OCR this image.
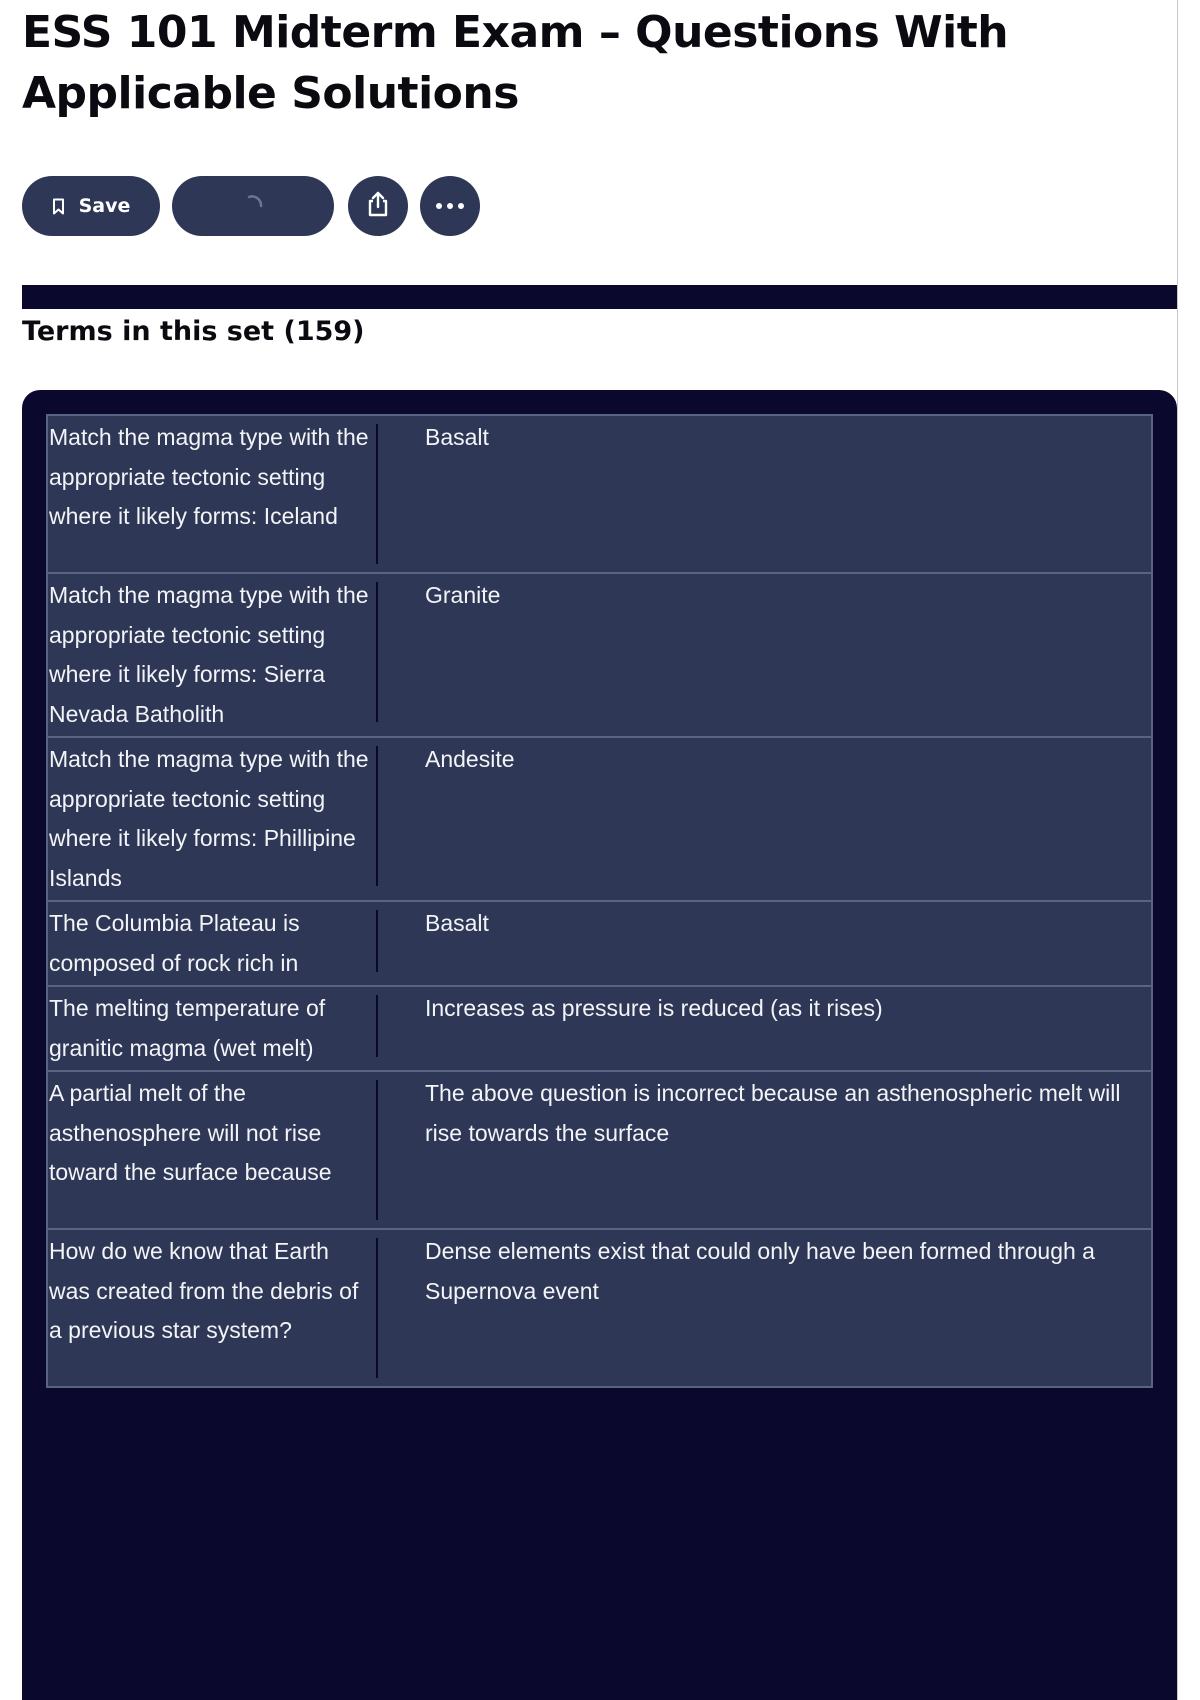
ESS 101 Midterm Exam – Questions With Applicable Solutions
Save
Terms in this set (159)
Match the magma type with the appropriate tectonic setting where it likely forms: Iceland		Basalt

Match the magma type with the appropriate tectonic setting where it likely forms: Sierra Nevada Batholith		Granite

Match the magma type with the appropriate tectonic setting where it likely forms: Phillipine Islands		Andesite

The Columbia Plateau is composed of rock rich in		Basalt

The melting temperature of granitic magma (wet melt)		Increases as pressure is reduced (as it rises)

A partial melt of the asthenosphere will not rise toward the surface because		The above question is incorrect because an asthenospheric melt will rise towards the surface

How do we know that Earth was created from the debris of a previous star system?		Dense elements exist that could only have been formed through a Supernova event
